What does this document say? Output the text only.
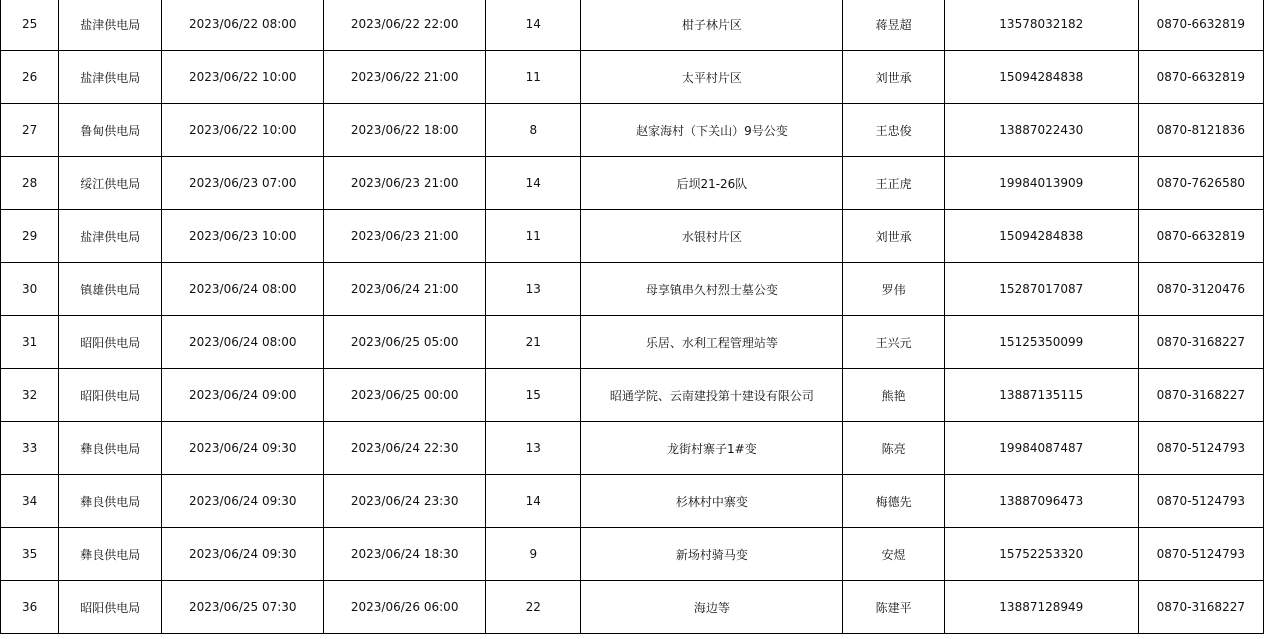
25	盐津供电局	2023/06/22 08:00	2023/06/22 22:00	14	柑子林片区	蒋昱超	13578032182	0870-6632819
26	盐津供电局	2023/06/22 10:00	2023/06/22 21:00	11	太平村片区	刘世承	15094284838	0870-6632819
27	鲁甸供电局	2023/06/22 10:00	2023/06/22 18:00	8	赵家海村（下关山）9号公变	王忠俊	13887022430	0870-8121836
28	绥江供电局	2023/06/23 07:00	2023/06/23 21:00	14	后坝21-26队	王正虎	19984013909	0870-7626580
29	盐津供电局	2023/06/23 10:00	2023/06/23 21:00	11	水银村片区	刘世承	15094284838	0870-6632819
30	镇雄供电局	2023/06/24 08:00	2023/06/24 21:00	13	母享镇串久村烈士墓公变	罗伟	15287017087	0870-3120476
31	昭阳供电局	2023/06/24 08:00	2023/06/25 05:00	21	乐居、水利工程管理站等	王兴元	15125350099	0870-3168227
32	昭阳供电局	2023/06/24 09:00	2023/06/25 00:00	15	昭通学院、云南建投第十建设有限公司	熊艳	13887135115	0870-3168227
33	彝良供电局	2023/06/24 09:30	2023/06/24 22:30	13	龙街村寨子1#变	陈亮	19984087487	0870-5124793
34	彝良供电局	2023/06/24 09:30	2023/06/24 23:30	14	杉林村中寨变	梅德先	13887096473	0870-5124793
35	彝良供电局	2023/06/24 09:30	2023/06/24 18:30	9	新场村骑马变	安煜	15752253320	0870-5124793
36	昭阳供电局	2023/06/25 07:30	2023/06/26 06:00	22	海边等	陈建平	13887128949	0870-3168227
